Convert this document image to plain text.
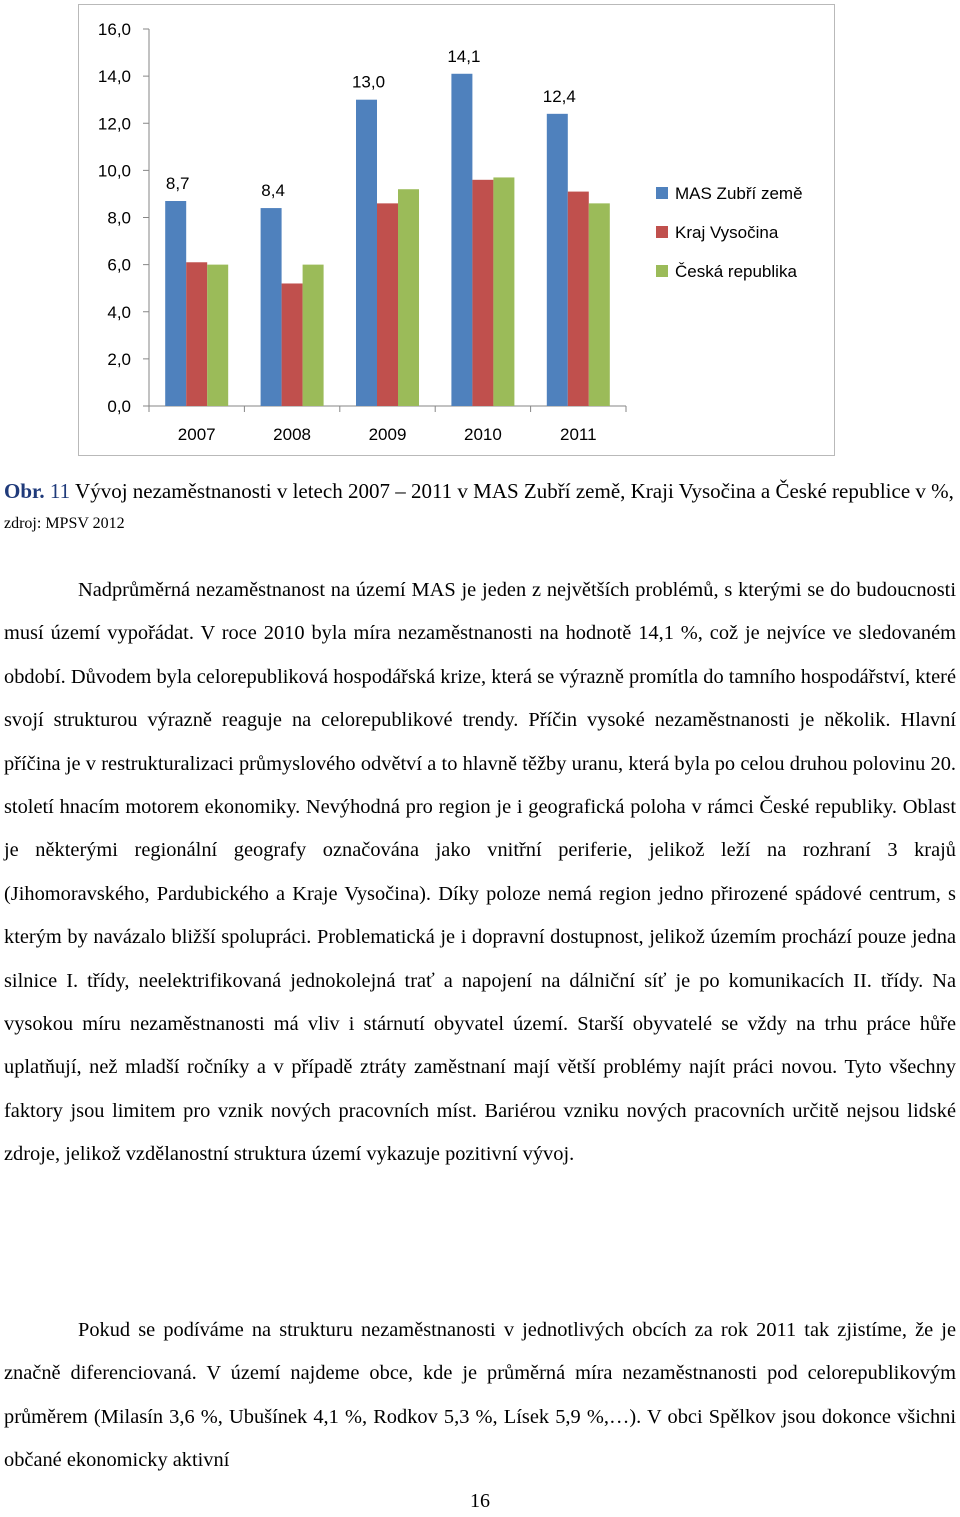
0,0
2,0
4,0
6,0
8,0
10,0
12,0
14,0
16,0
2007	2008	2009	2010	2011
8,7	8,4
13,0
14,1
12,4
MAS Zubří země
Kraj Vysočina
Česká republika
Obr. 11 Vývoj nezaměstnanosti v letech 2007 – 2011 v MAS Zubří země, Kraji Vysočina a České republice v %, zdroj: MPSV 2012

Nadprůměrná nezaměstnanost na území MAS je jeden z největších problémů, s kterými se do budoucnosti musí území vypořádat. V roce 2010 byla míra nezaměstnanosti na hodnotě 14,1 %, což je nejvíce ve sledovaném období. Důvodem byla celorepubliková hospodářská krize, která se výrazně promítla do tamního hospodářství, které svojí strukturou výrazně reaguje na celorepublikové trendy. Příčin vysoké nezaměstnanosti je několik. Hlavní příčina je v restrukturalizaci průmyslového odvětví a to hlavně těžby uranu, která byla po celou druhou polovinu 20. století hnacím motorem ekonomiky. Nevýhodná pro region je i geografická poloha v rámci České republiky. Oblast je některými regionální geografy označována jako vnitřní periferie, jelikož leží na rozhraní 3 krajů (Jihomoravského, Pardubického a Kraje Vysočina). Díky poloze nemá region jedno přirozené spádové centrum, s kterým by navázalo bližší spolupráci. Problematická je i dopravní dostupnost, jelikož územím prochází pouze jedna silnice I. třídy, neelektrifikovaná jednokolejná trať a napojení na dálniční síť je po komunikacích II. třídy. Na vysokou míru nezaměstnanosti má vliv i stárnutí obyvatel území. Starší obyvatelé se vždy na trhu práce hůře uplatňují, než mladší ročníky a v případě ztráty zaměstnaní mají větší problémy najít práci novou. Tyto všechny faktory jsou limitem pro vznik nových pracovních míst. Bariérou vzniku nových pracovních určitě nejsou lidské zdroje, jelikož vzdělanostní struktura území vykazuje pozitivní vývoj.

Pokud se podíváme na strukturu nezaměstnanosti v jednotlivých obcích za rok 2011 tak zjistíme, že je značně diferenciovaná. V území najdeme obce, kde je průměrná míra nezaměstnanosti pod celorepublikovým průměrem (Milasín 3,6 %, Ubušínek 4,1 %, Rodkov 5,3 %, Lísek 5,9 %,…). V obci Spělkov jsou dokonce všichni občané ekonomicky aktivní

16
